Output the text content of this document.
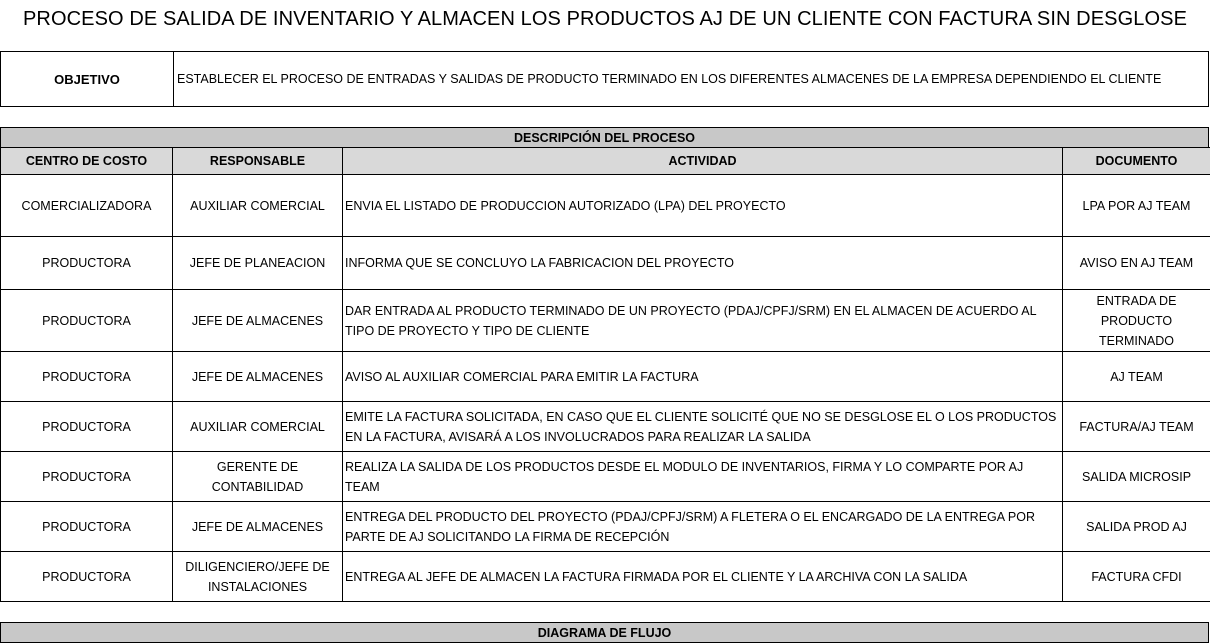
PROCESO DE SALIDA DE INVENTARIO Y ALMACEN LOS PRODUCTOS AJ DE UN CLIENTE CON FACTURA SIN DESGLOSE
OBJETIVO	ESTABLECER EL PROCESO DE ENTRADAS Y SALIDAS DE PRODUCTO TERMINADO EN LOS DIFERENTES ALMACENES DE LA EMPRESA DEPENDIENDO EL CLIENTE
DESCRIPCIÓN DEL PROCESO
CENTRO DE COSTO	RESPONSABLE	ACTIVIDAD	DOCUMENTO
COMERCIALIZADORA	AUXILIAR COMERCIAL	ENVIA EL LISTADO DE PRODUCCION AUTORIZADO (LPA) DEL PROYECTO	LPA POR AJ TEAM
PRODUCTORA	JEFE DE PLANEACION	INFORMA QUE SE CONCLUYO LA FABRICACION DEL PROYECTO	AVISO EN AJ TEAM
PRODUCTORA	JEFE DE ALMACENES	DAR ENTRADA AL PRODUCTO TERMINADO DE UN PROYECTO (PDAJ/CPFJ/SRM) EN EL ALMACEN DE ACUERDO AL TIPO DE PROYECTO Y TIPO DE CLIENTE	ENTRADA DE PRODUCTO TERMINADO
PRODUCTORA	JEFE DE ALMACENES	AVISO AL AUXILIAR COMERCIAL PARA EMITIR LA FACTURA	AJ TEAM
PRODUCTORA	AUXILIAR COMERCIAL	EMITE LA FACTURA SOLICITADA, EN CASO QUE EL CLIENTE SOLICITÉ QUE NO SE DESGLOSE EL O LOS PRODUCTOS EN LA FACTURA, AVISARÁ A LOS INVOLUCRADOS PARA REALIZAR LA SALIDA	FACTURA/AJ TEAM
PRODUCTORA	GERENTE DE CONTABILIDAD	REALIZA LA SALIDA DE LOS PRODUCTOS DESDE EL MODULO DE INVENTARIOS, FIRMA Y LO COMPARTE POR AJ TEAM	SALIDA MICROSIP
PRODUCTORA	JEFE DE ALMACENES	ENTREGA DEL PRODUCTO DEL PROYECTO (PDAJ/CPFJ/SRM) A FLETERA O EL ENCARGADO DE LA ENTREGA POR PARTE DE AJ SOLICITANDO LA FIRMA DE RECEPCIÓN	SALIDA PROD AJ
PRODUCTORA	DILIGENCIERO/JEFE DE INSTALACIONES	ENTREGA AL JEFE DE ALMACEN LA FACTURA FIRMADA POR EL CLIENTE Y LA ARCHIVA CON LA SALIDA	FACTURA CFDI
DIAGRAMA DE FLUJO
